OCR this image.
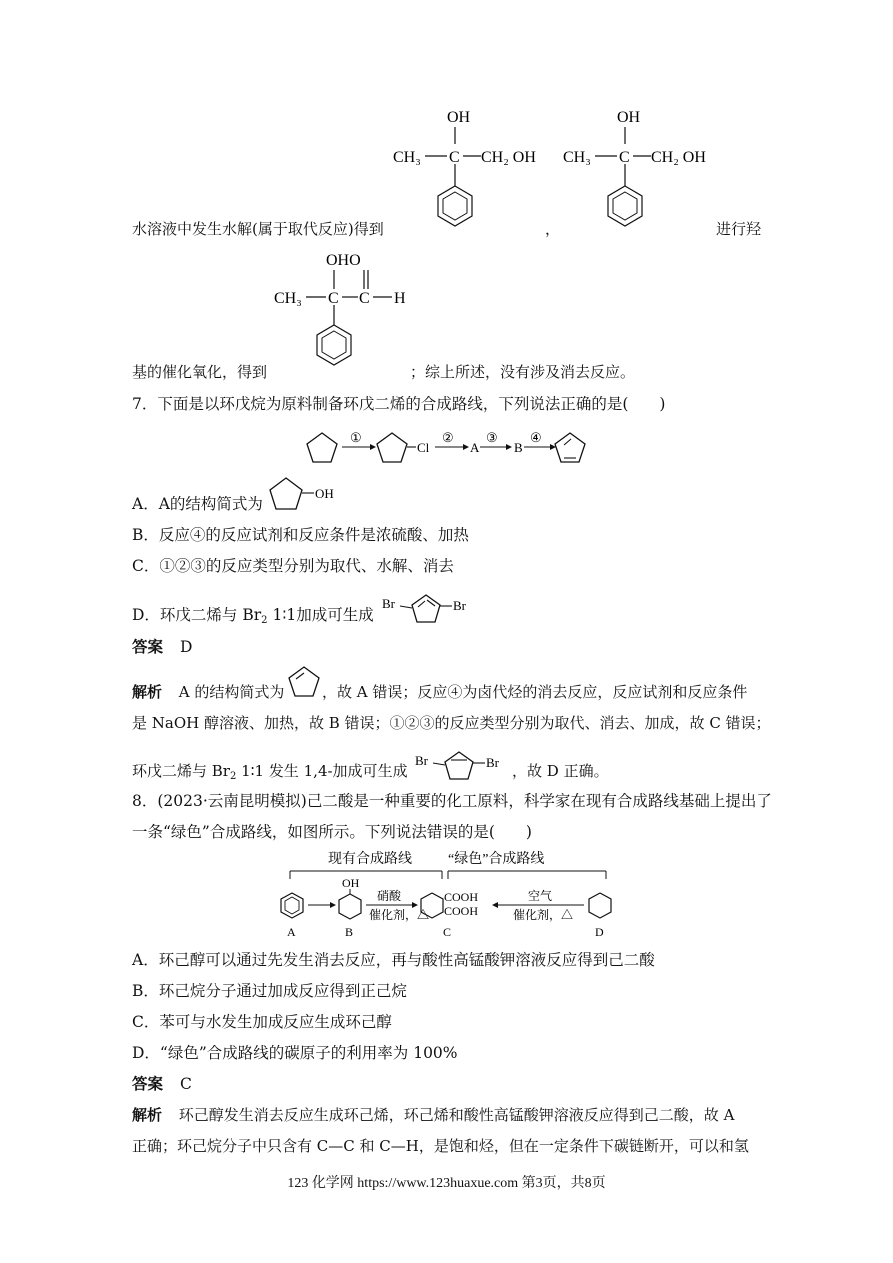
OH
CH₃ C CH₂ OH
OH
CH₃ C CH₂ OH
水溶液中发生水解(属于取代反应)得到	，	进行羟
OHO
CH₃ C C H
基的催化氧化，得到	；综上所述，没有涉及消去反应。
7．下面是以环戊烷为原料制备环戊二烯的合成路线，下列说法正确的是(　　)
①
Cl
②
A
③
B
④
A．A的结构简式为
OH
B．反应④的反应试剂和反应条件是浓硫酸、加热
C．①②③的反应类型分别为取代、水解、消去
D．环戊二烯与 $Br_2$ 1∶1加成可生成
Br	Br
答案 D
解析 A 的结构简式为	，故 A 错误；反应④为卤代烃的消去反应，反应试剂和反应条件
是 NaOH 醇溶液、加热，故 B 错误；①②③的反应类型分别为取代、消去、加成，故 C 错误；
环戊二烯与 $Br_2$ 1∶1 发生 1,4-加成可生成
Br	Br ，故 D 正确。
8．(2023·云南昆明模拟)己二酸是一种重要的化工原料，科学家在现有合成路线基础上提出了
一条“绿色”合成路线，如图所示。下列说法错误的是(　　)
现有合成路线	“绿色”合成路线
A
OH
B
硝酸
催化剂，△
COOH
COOH
C
空气
催化剂，△
D
A．环己醇可以通过先发生消去反应，再与酸性高锰酸钾溶液反应得到己二酸
B．环己烷分子通过加成反应得到正己烷
C．苯可与水发生加成反应生成环己醇
D．“绿色”合成路线的碳原子的利用率为 100%
答案 C
解析 环己醇发生消去反应生成环己烯，环己烯和酸性高锰酸钾溶液反应得到己二酸，故 A
正确；环己烷分子中只含有 C—C 和 C—H，是饱和烃，但在一定条件下碳链断开，可以和氢
123 化学网 https://www.123huaxue.com 第3页，共8页
